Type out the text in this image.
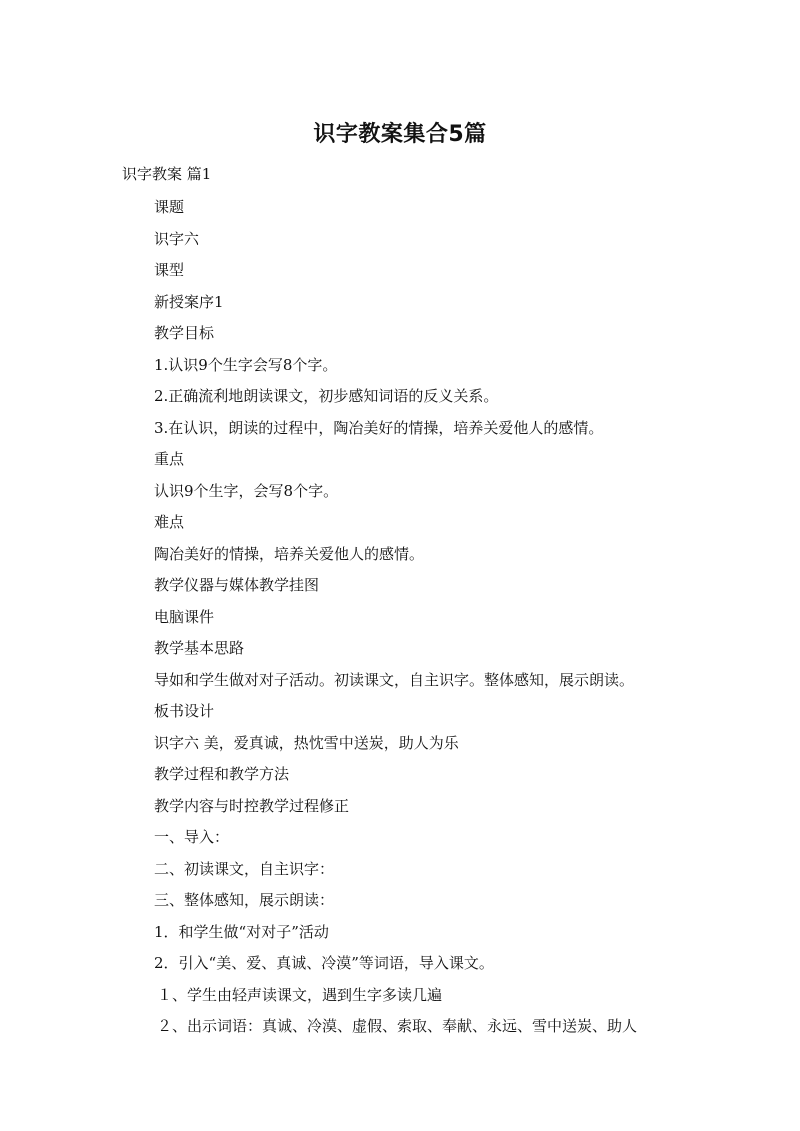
识字教案集合5篇
识字教案 篇1
课题
识字六
课型
新授案序1
教学目标
1.认识9个生字会写8个字。
2.正确流利地朗读课文，初步感知词语的反义关系。
3.在认识，朗读的过程中，陶冶美好的情操，培养关爱他人的感情。
重点
认识9个生字，会写8个字。
难点
陶冶美好的情操，培养关爱他人的感情。
教学仪器与媒体教学挂图
电脑课件
教学基本思路
导如和学生做对对子活动。初读课文，自主识字。整体感知，展示朗读。
板书设计
识字六 美，爱真诚，热忱雪中送炭，助人为乐
教学过程和教学方法
教学内容与时控教学过程修正
一、导入：
二、初读课文，自主识字：
三、整体感知，展示朗读：
1．和学生做“对对子”活动
2．引入“美、爱、真诚、冷漠”等词语，导入课文。
１、学生由轻声读课文，遇到生字多读几遍
２、出示词语：真诚、冷漠、虚假、索取、奉献、永远、雪中送炭、助人
